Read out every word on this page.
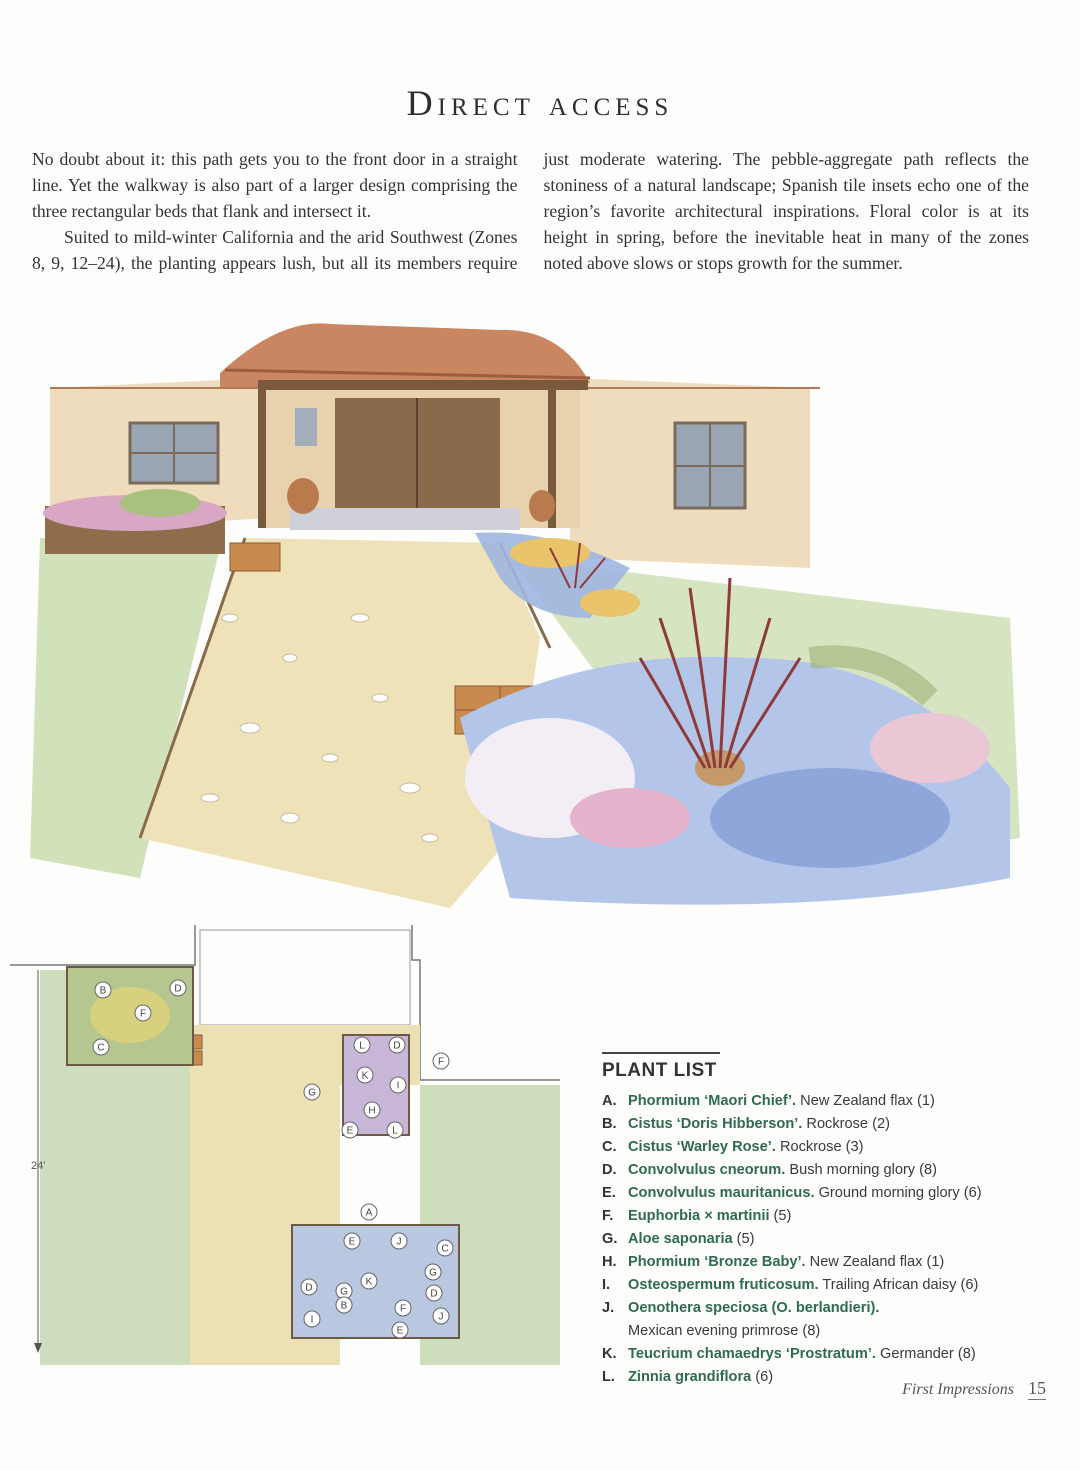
Direct access

No doubt about it: this path gets you to the front door in a straight line. Yet the walkway is also part of a larger design comprising the three rectangular beds that flank and intersect it.

Suited to mild-winter California and the arid Southwest (Zones 8, 9, 12–24), the planting appears lush, but all its members require just moderate watering. The pebble-aggregate path reflects the stoniness of a natural landscape; Spanish tile insets echo one of the region’s favorite architectural inspirations. Floral color is at its height in spring, before the inevitable heat in many of the zones noted above slows or stops growth for the summer.

B	D
F
C	L	D
K
I
H
E	L
F
G
A
E	J
C
G
K
D	G	D
B	F
J
I
E
24'
PLANT LIST
A. Phormium ‘Maori Chief’. New Zealand flax (1)
B. Cistus ‘Doris Hibberson’. Rockrose (2)
C. Cistus ‘Warley Rose’. Rockrose (3)
D. Convolvulus cneorum. Bush morning glory (8)
E. Convolvulus mauritanicus. Ground morning glory (6)
F. Euphorbia × martinii (5)
G. Aloe saponaria (5)
H. Phormium ‘Bronze Baby’. New Zealand flax (1)
I. Osteospermum fruticosum. Trailing African daisy (6)
J. Oenothera speciosa (O. berlandieri).
Mexican evening primrose (8)
K. Teucrium chamaedrys ‘Prostratum’. Germander (8)
L. Zinnia grandiflora (6)
First Impressions 15
